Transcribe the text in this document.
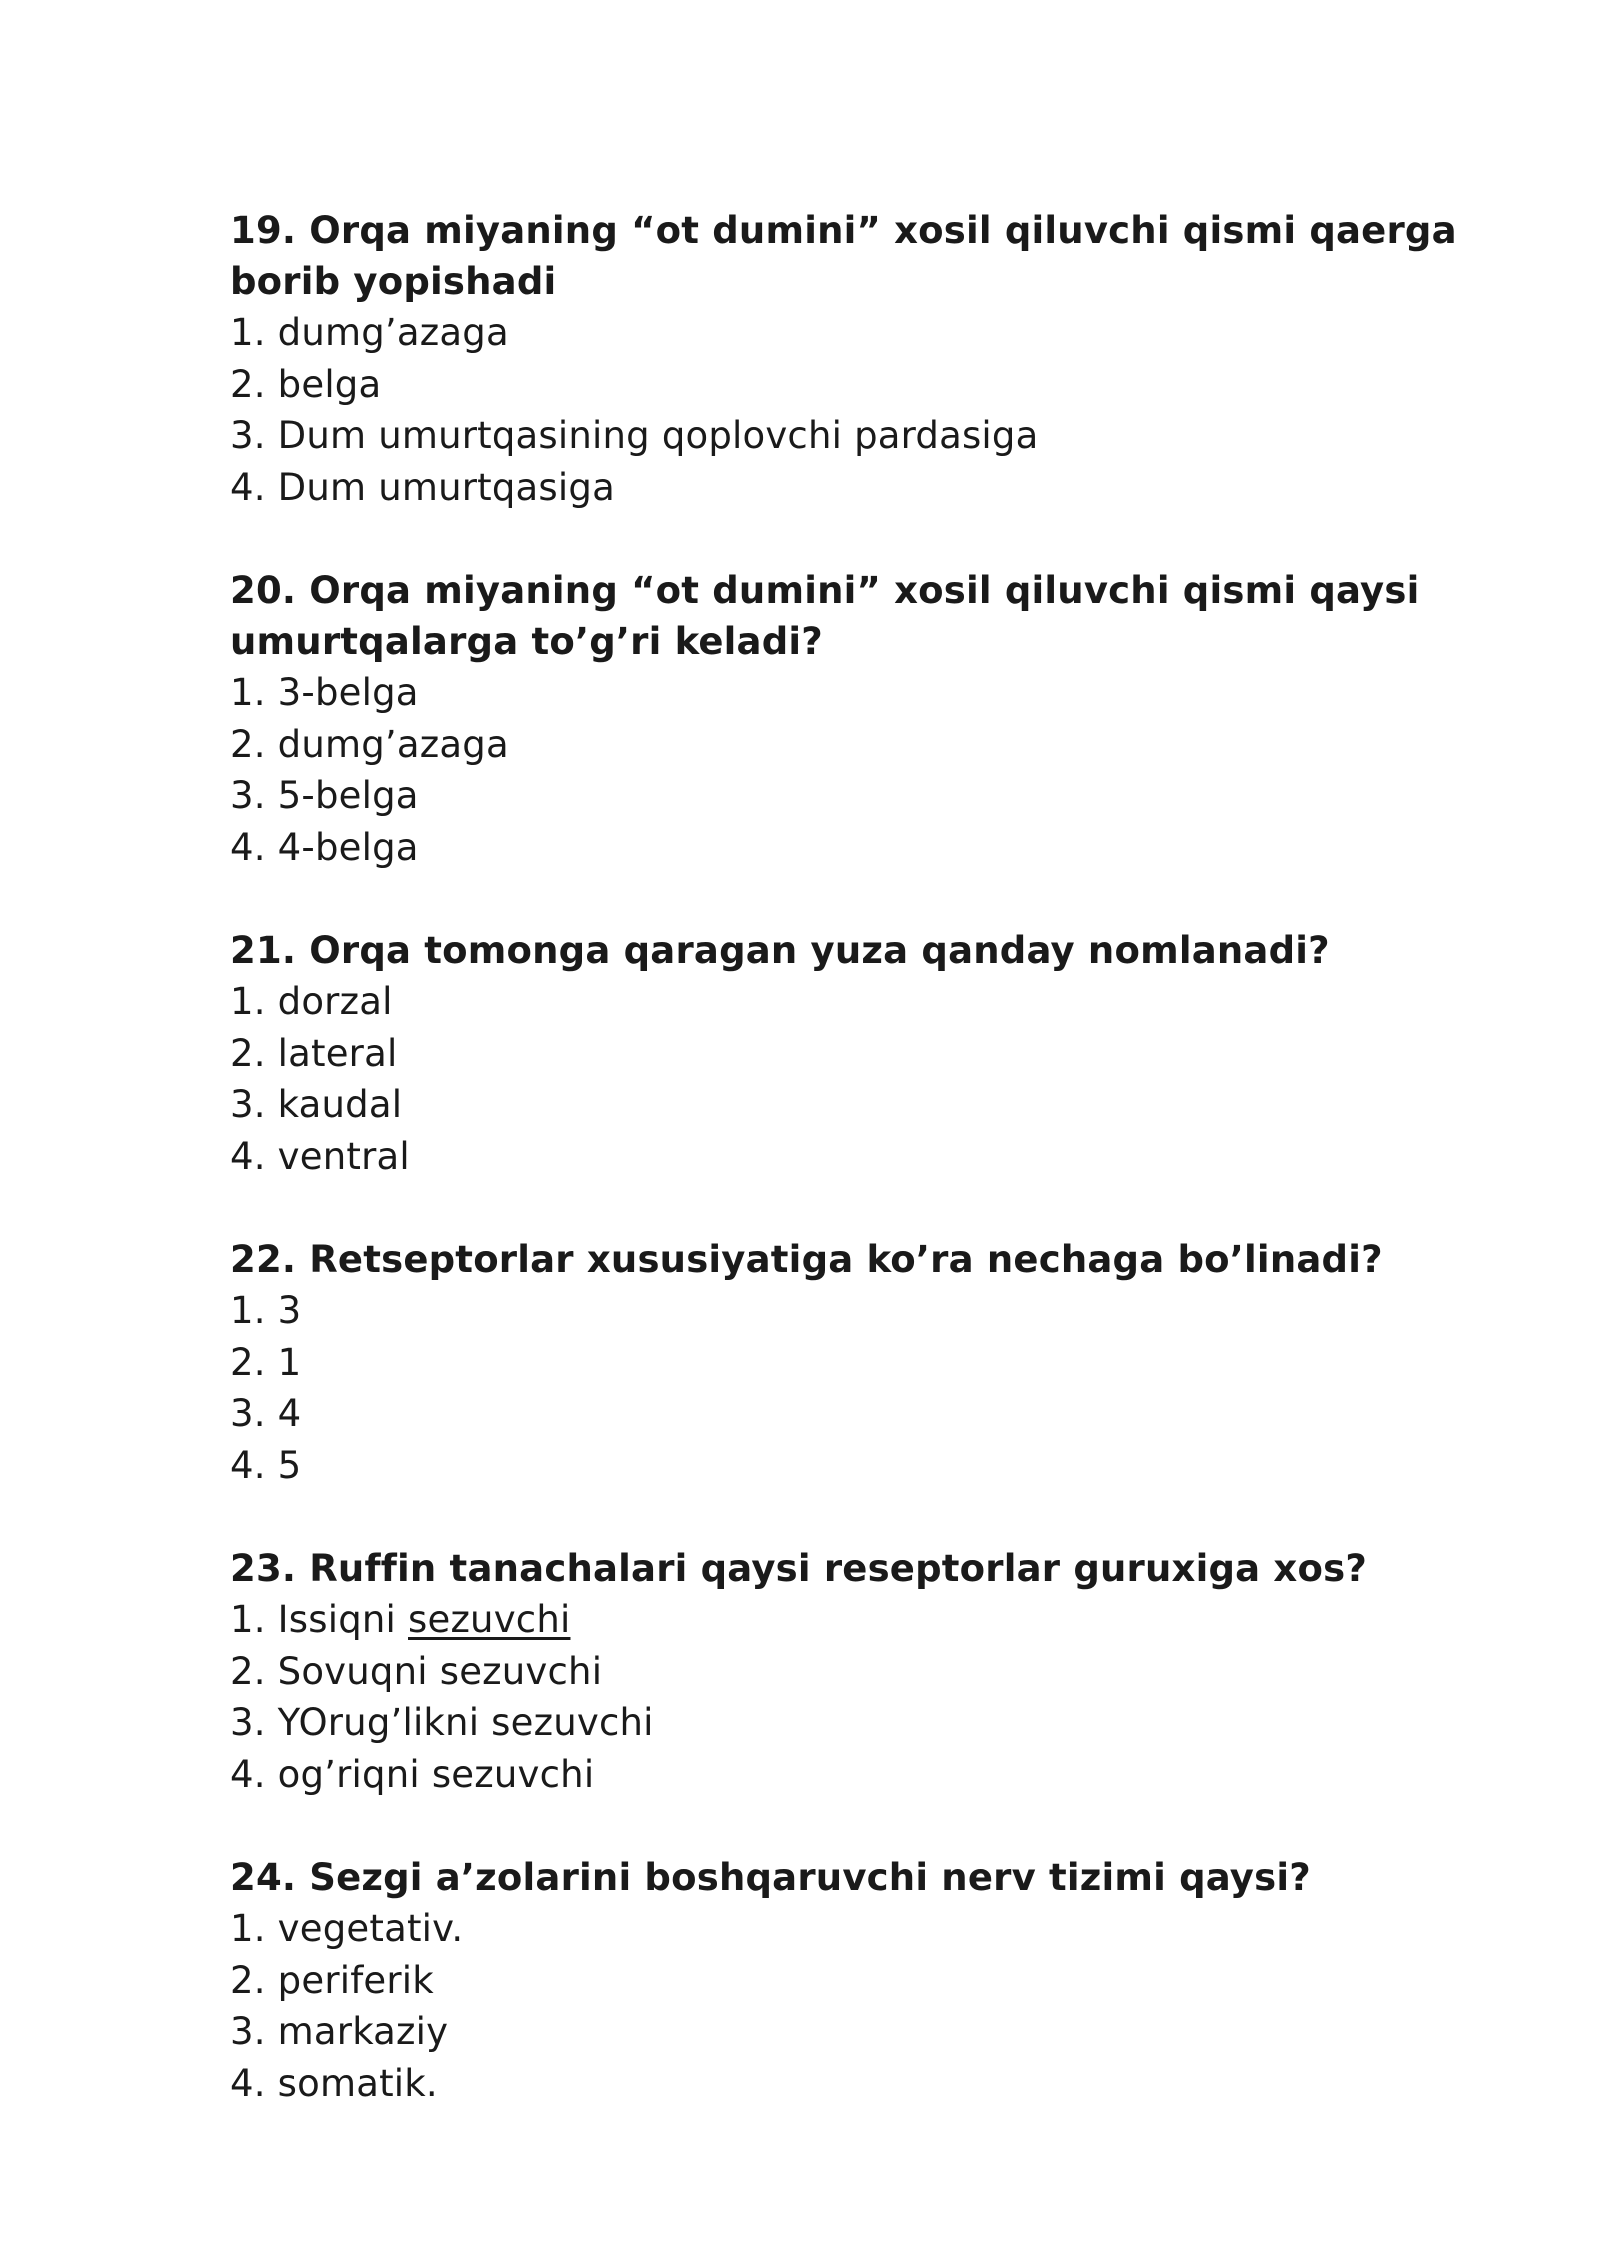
19. Orqa miyaning “ot dumini” xosil qiluvchi qismi qaerga borib yopishadi

1. dumg’azaga
2. belga
3. Dum umurtqasining qoplovchi pardasiga
4. Dum umurtqasiga

20. Orqa miyaning “ot dumini” xosil qiluvchi qismi qaysi umurtqalarga to’g’ri keladi?

1. 3-belga
2. dumg’azaga
3. 5-belga
4. 4-belga

21. Orqa tomonga qaragan yuza qanday nomlanadi?

1. dorzal
2. lateral
3. kaudal
4. ventral

22. Retseptorlar xususiyatiga ko’ra nechaga bo’linadi?

1. 3
2. 1
3. 4
4. 5

23. Ruffin tanachalari qaysi reseptorlar guruxiga xos?

1. Issiqni sezuvchi
2. Sovuqni sezuvchi
3. YOrug’likni sezuvchi
4. og’riqni sezuvchi

24. Sezgi a’zolarini boshqaruvchi nerv tizimi qaysi?

1. vegetativ.
2. periferik
3. markaziy
4. somatik.
